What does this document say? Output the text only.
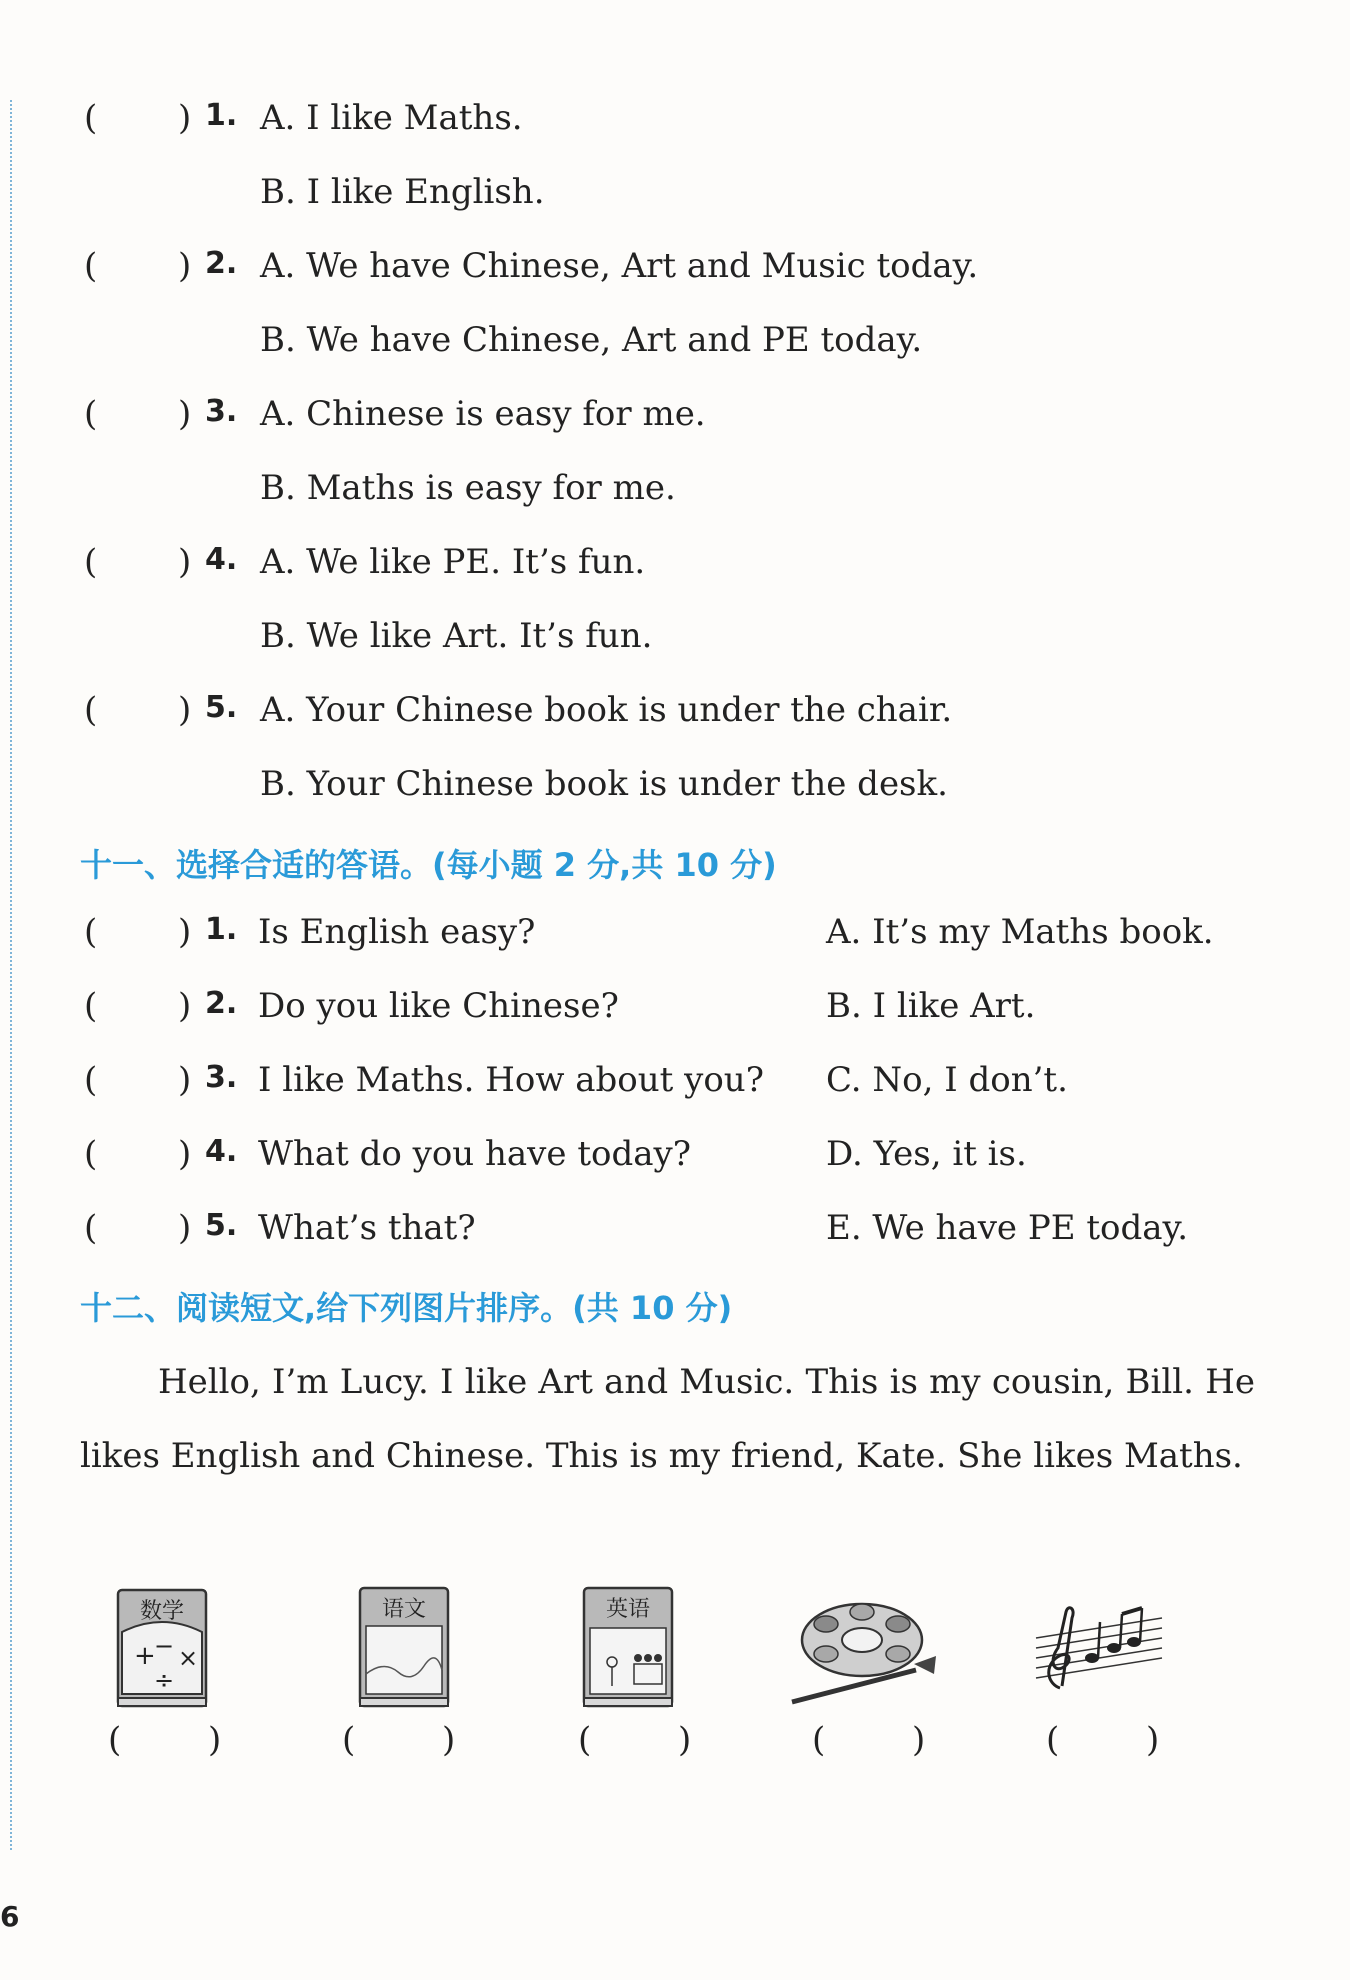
( ) 1. A. I like Maths.
B. I like English.
( ) 2. A. We have Chinese, Art and Music today.
B. We have Chinese, Art and PE today.
( ) 3. A. Chinese is easy for me.
B. Maths is easy for me.
( ) 4. A. We like PE. It’s fun.
B. We like Art. It’s fun.
( ) 5. A. Your Chinese book is under the chair.
B. Your Chinese book is under the desk.
十一、选择合适的答语。(每小题 2 分,共 10 分)
( ) 1. Is English easy?	A. It’s my Maths book.
( ) 2. Do you like Chinese?	B. I like Art.
( ) 3. I like Maths. How about you? C. No, I don’t.
( ) 4. What do you have today?	D. Yes, it is.
( ) 5. What’s that?	E. We have PE today.
十二、阅读短文,给下列图片排序。(共 10 分)

Hello, I’m Lucy. I like Art and Music. This is my cousin, Bill. He likes English and Chinese. This is my friend, Kate. She likes Maths.

数学
+
− ×
÷
语文	英语
(	)	(	)	(	)	(	)	(	)
6
